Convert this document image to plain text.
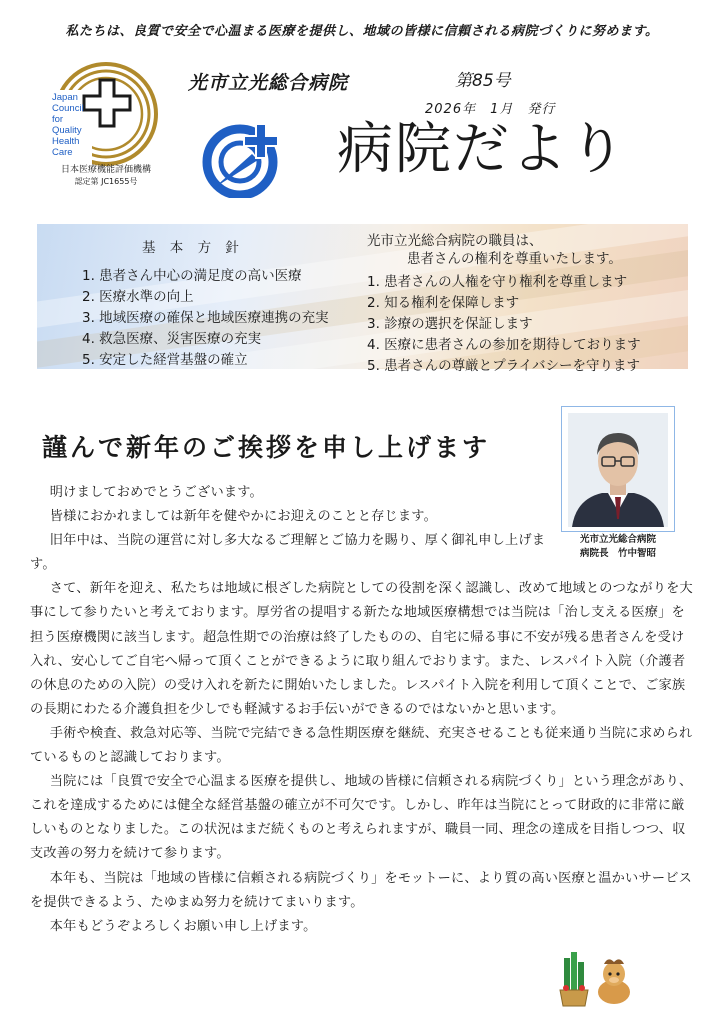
私たちは、良質で安全で心温まる医療を提供し、地域の皆様に信頼される病院づくりに努めます。
Japan
Council
for
Quality
Health
Care
日本医療機能評価機構
認定第 JC1655号
光市立光総合病院	第85号
2026年　1月　発行
病院だより
基 本 方 針
1. 患者さん中心の満足度の高い医療
2. 医療水準の向上
3. 地域医療の確保と地域医療連携の充実
4. 救急医療、災害医療の充実
5. 安定した経営基盤の確立
光市立光総合病院の職員は、
患者さんの権利を尊重いたします。
1. 患者さんの人権を守り権利を尊重します
2. 知る権利を保障します
3. 診療の選択を保証します
4. 医療に患者さんの参加を期待しております
5. 患者さんの尊厳とプライバシーを守ります
光市立光総合病院
病院長　竹中智昭
謹んで新年のご挨拶を申し上げます

明けましておめでとうございます。

皆様におかれましては新年を健やかにお迎えのことと存じます。

旧年中は、当院の運営に対し多大なるご理解とご協力を賜り、厚く御礼申し上げます。

さて、新年を迎え、私たちは地域に根ざした病院としての役割を深く認識し、改めて地域とのつながりを大事にして参りたいと考えております。厚労省の提唱する新たな地域医療構想では当院は「治し支える医療」を担う医療機関に該当します。超急性期での治療は終了したものの、自宅に帰る事に不安が残る患者さんを受け入れ、安心してご自宅へ帰って頂くことができるように取り組んでおります。また、レスパイト入院（介護者の休息のための入院）の受け入れを新たに開始いたしました。レスパイト入院を利用して頂くことで、ご家族の長期にわたる介護負担を少しでも軽減するお手伝いができるのではないかと思います。

手術や検査、救急対応等、当院で完結できる急性期医療を継続、充実させることも従来通り当院に求められているものと認識しております。

当院には「良質で安全で心温まる医療を提供し、地域の皆様に信頼される病院づくり」という理念があり、これを達成するためには健全な経営基盤の確立が不可欠です。しかし、昨年は当院にとって財政的に非常に厳しいものとなりました。この状況はまだ続くものと考えられますが、職員一同、理念の達成を目指しつつ、収支改善の努力を続けて参ります。

本年も、当院は「地域の皆様に信頼される病院づくり」をモットーに、より質の高い医療と温かいサービスを提供できるよう、たゆまぬ努力を続けてまいります。

本年もどうぞよろしくお願い申し上げます。
